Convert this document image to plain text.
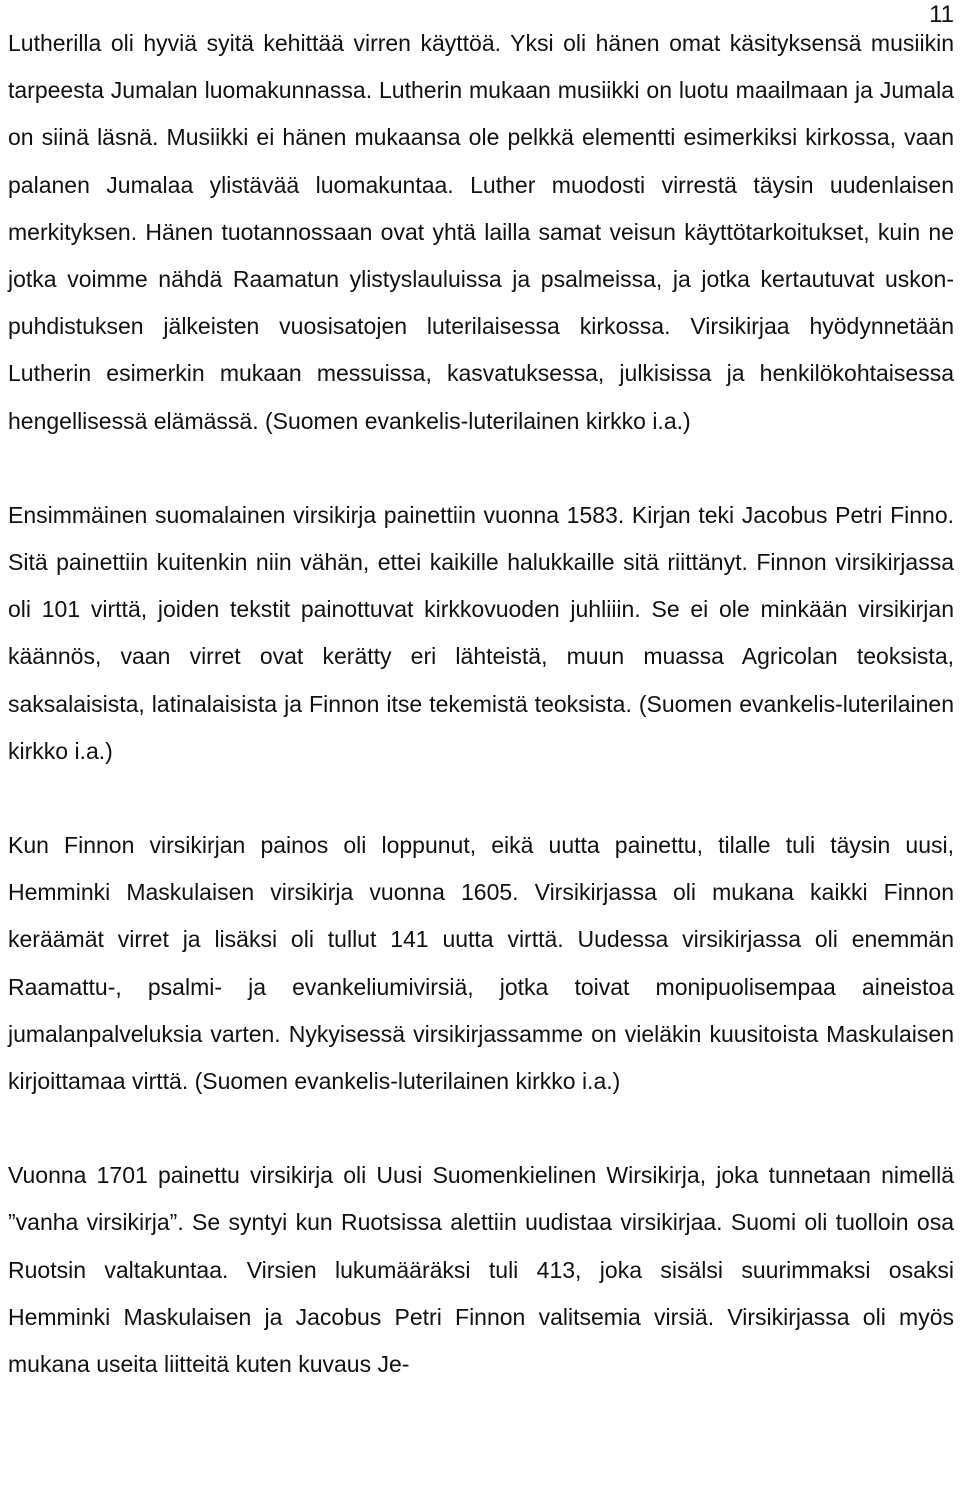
11

Lutherilla oli hyviä syitä kehittää virren käyttöä. Yksi oli hänen omat käsityksensä musiikin tarpeesta Jumalan luomakunnassa. Lutherin mukaan musiikki on luotu maailmaan ja Jumala on siinä läsnä. Musiikki ei hänen mukaansa ole pelkkä elementti esimerkiksi kirkossa, vaan palanen Jumalaa ylistävää luomakuntaa. Luther muodosti virrestä täysin uudenlaisen merkityksen. Hänen tuotannossaan ovat yhtä lailla samat veisun käyttötarkoitukset, kuin ne jotka voimme nähdä Raamatun ylistyslauluissa ja psalmeissa, ja jotka kertautuvat uskonpuhdistuksen jälkeisten vuosisatojen luterilaisessa kirkossa. Virsikirjaa hyödynnetään Lutherin esimerkin mukaan messuissa, kasvatuksessa, julkisissa ja henkilökohtaisessa hengellisessä elämässä. (Suomen evankelis-luterilainen kirkko i.a.)

Ensimmäinen suomalainen virsikirja painettiin vuonna 1583. Kirjan teki Jacobus Petri Finno. Sitä painettiin kuitenkin niin vähän, ettei kaikille halukkaille sitä riittänyt. Finnon virsikirjassa oli 101 virttä, joiden tekstit painottuvat kirkkovuoden juhliiin. Se ei ole minkään virsikirjan käännös, vaan virret ovat kerätty eri lähteistä, muun muassa Agricolan teoksista, saksalaisista, latinalaisista ja Finnon itse tekemistä teoksista. (Suomen evankelis-luterilainen kirkko i.a.)

Kun Finnon virsikirjan painos oli loppunut, eikä uutta painettu, tilalle tuli täysin uusi, Hemminki Maskulaisen virsikirja vuonna 1605. Virsikirjassa oli mukana kaikki Finnon keräämät virret ja lisäksi oli tullut 141 uutta virttä. Uudessa virsikirjassa oli enemmän Raamattu-, psalmi- ja evankeliumivirsiä, jotka toivat monipuolisempaa aineistoa jumalanpalveluksia varten. Nykyisessä virsikirjassamme on vieläkin kuusitoista Maskulaisen kirjoittamaa virttä. (Suomen evankelis-luterilainen kirkko i.a.)

Vuonna 1701 painettu virsikirja oli Uusi Suomenkielinen Wirsikirja, joka tunnetaan nimellä ”vanha virsikirja”. Se syntyi kun Ruotsissa alettiin uudistaa virsikirjaa. Suomi oli tuolloin osa Ruotsin valtakuntaa. Virsien lukumääräksi tuli 413, joka sisälsi suurimmaksi osaksi Hemminki Maskulaisen ja Jacobus Petri Finnon valitsemia virsiä. Virsikirjassa oli myös mukana useita liitteitä kuten kuvaus Je-
